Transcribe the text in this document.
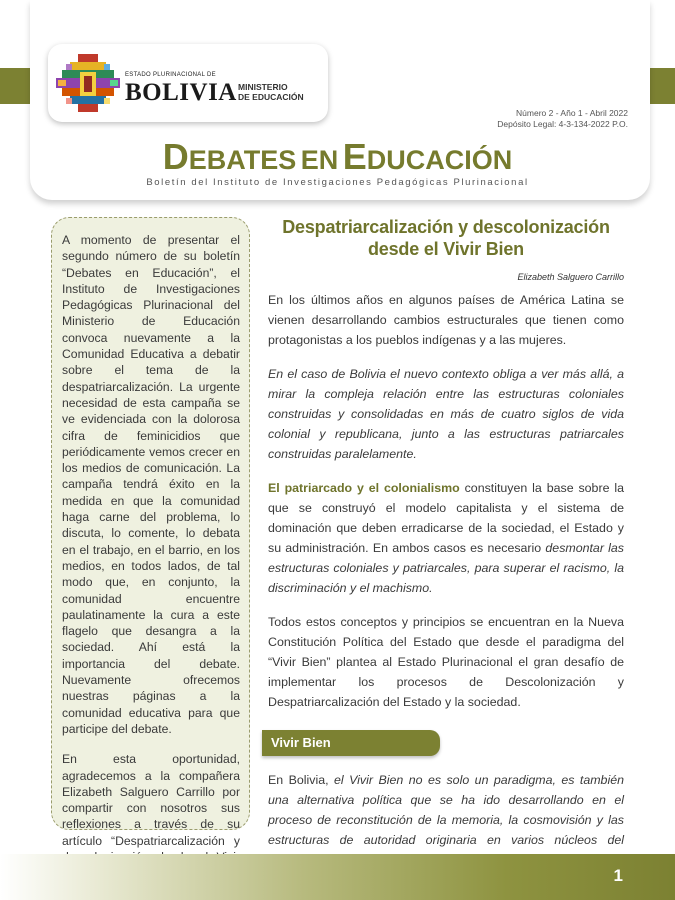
Número 2 - Año 1 - Abril 2022
Depósito Legal: 4-3-134-2022 P.O.
ESTADO PLURINACIONAL DE
BOLIVIA MINISTERIO
DE EDUCACIÓN
DEBATES EN EDUCACIÓN
Boletín del Instituto de Investigaciones Pedagógicas Plurinacional

A momento de presentar el segundo número de su boletín “Debates en Educación”, el Instituto de Investigaciones Pedagógicas Plurinacional del Ministerio de Educación convoca nuevamente a la Comunidad Educativa a debatir sobre el tema de la despatriarcalización. La urgente necesidad de esta campaña se ve evidenciada con la dolorosa cifra de feminicidios que periódicamente vemos crecer en los medios de comunicación. La campaña tendrá éxito en la medida en que la comunidad haga carne del problema, lo discuta, lo comente, lo debata en el trabajo, en el barrio, en los medios, en todos lados, de tal modo que, en conjunto, la comunidad encuentre paulatinamente la cura a este flagelo que desangra a la sociedad. Ahí está la importancia del debate. Nuevamente ofrecemos nuestras páginas a la comunidad educativa para que participe del debate.

En esta oportunidad, agradecemos a la compañera Elizabeth Salguero Carrillo por compartir con nosotros sus reflexiones a través de su artículo “Despatriarcalización y

Despatriarcalización y descolonización
desde el Vivir Bien
Elizabeth Salguero Carrillo

En los últimos años en algunos países de América Latina se vienen desarrollando cambios estructurales que tienen como protagonistas a los pueblos indígenas y a las mujeres.

En el caso de Bolivia el nuevo contexto obliga a ver más allá, a mirar la compleja relación entre las estructuras coloniales construidas y consolidadas en más de cuatro siglos de vida colonial y republicana, junto a las estructuras patriarcales construidas paralelamente.

El patriarcado y el colonialismo constituyen la base sobre la que se construyó el modelo capitalista y el sistema de dominación que deben erradicarse de la sociedad, el Estado y su administración. En ambos casos es necesario desmontar las estructuras coloniales y patriarcales, para superar el racismo, la discriminación y el machismo.

Todos estos conceptos y principios se encuentran en la Nueva Constitución Política del Estado que desde el paradigma del “Vivir Bien” plantea al Estado Plurinacional el gran desafío de implementar los procesos de Descolonización y Despatriarcalización del Estado y la sociedad.

Vivir Bien

En Bolivia, el Vivir Bien no es solo un paradigma, es también una alternativa política que se ha ido desarrollando en el proceso de reconstitución de la memoria, la cosmovisión y las estructuras de autoridad originaria en varios núcleos del

1
